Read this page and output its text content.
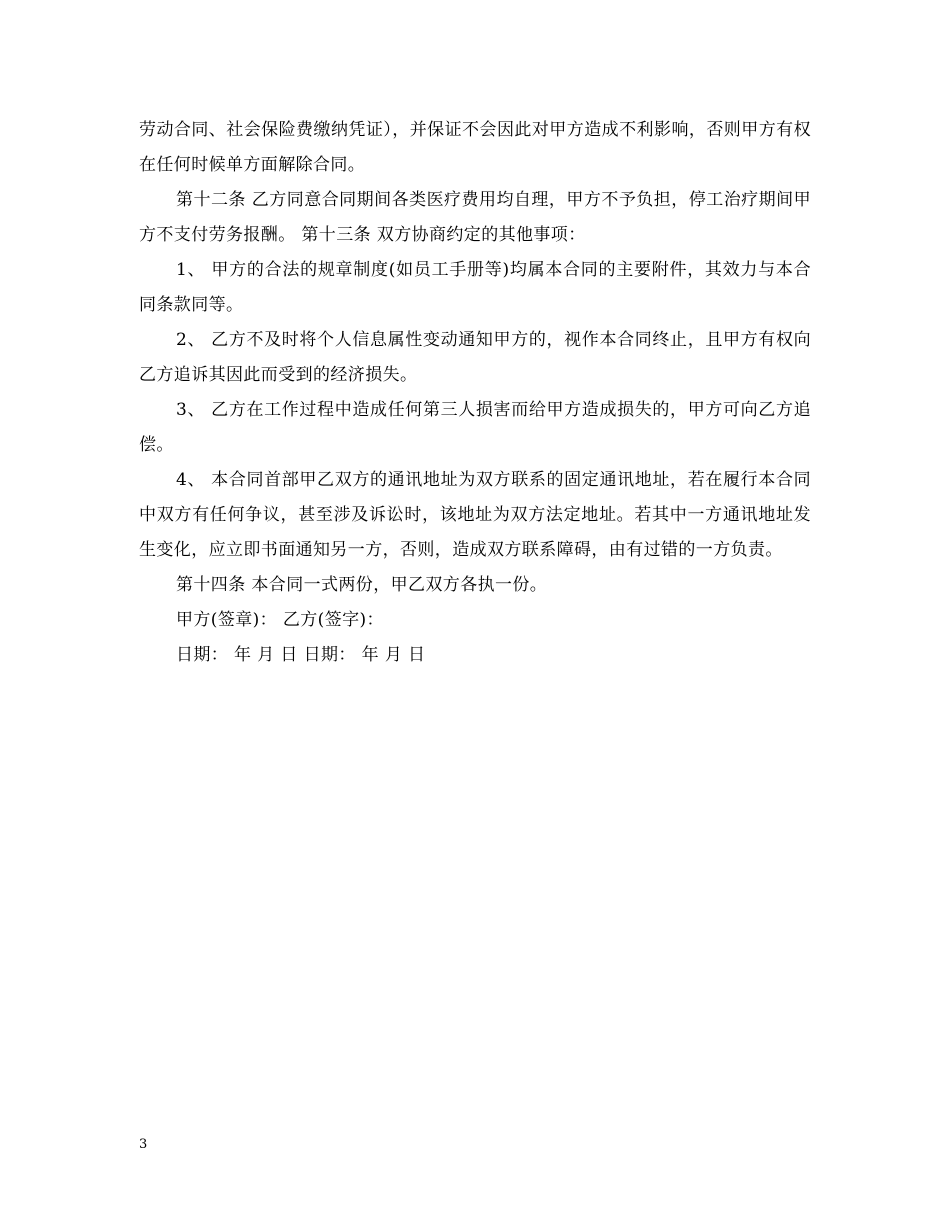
劳动合同、社会保险费缴纳凭证），并保证不会因此对甲方造成不利影响，否则甲方有权在任何时候单方面解除合同。

第十二条 乙方同意合同期间各类医疗费用均自理，甲方不予负担，停工治疗期间甲方不支付劳务报酬。 第十三条 双方协商约定的其他事项：

1、 甲方的合法的规章制度(如员工手册等)均属本合同的主要附件，其效力与本合同条款同等。

2、 乙方不及时将个人信息属性变动通知甲方的，视作本合同终止，且甲方有权向乙方追诉其因此而受到的经济损失。

3、 乙方在工作过程中造成任何第三人损害而给甲方造成损失的，甲方可向乙方追偿。

4、 本合同首部甲乙双方的通讯地址为双方联系的固定通讯地址，若在履行本合同中双方有任何争议，甚至涉及诉讼时，该地址为双方法定地址。若其中一方通讯地址发生变化，应立即书面通知另一方，否则，造成双方联系障碍，由有过错的一方负责。

第十四条 本合同一式两份，甲乙双方各执一份。

甲方(签章)： 乙方(签字)：

日期： 年 月 日 日期： 年 月 日

3
